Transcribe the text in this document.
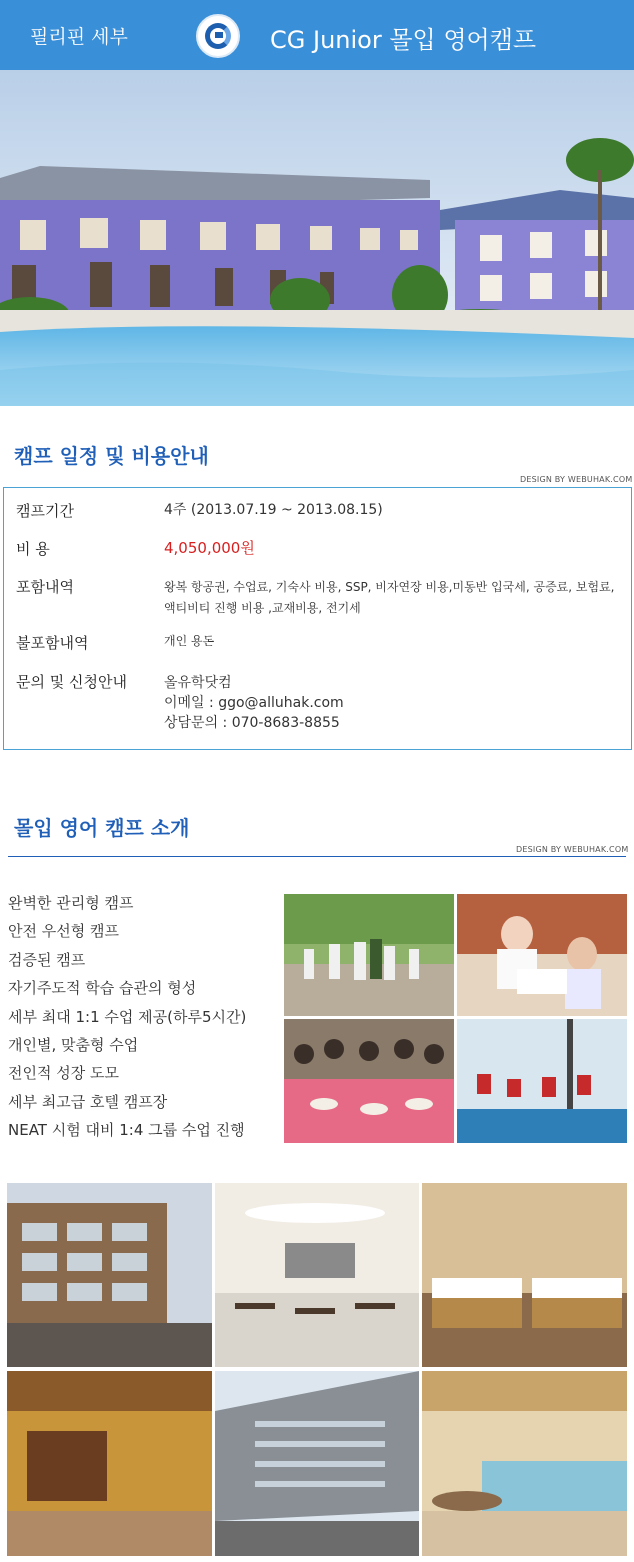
필리핀 세부	CG Junior 몰입 영어캠프
캠프 일정 및 비용안내
DESIGN BY WEBUHAK.COM
캠프기간	4주 (2013.07.19 ~ 2013.08.15)
비 용	4,050,000원
포함내역	왕복 항공권, 수업료, 기숙사 비용, SSP, 비자연장 비용,미동반 입국세, 공증료, 보험료, 액티비티 진행 비용 ,교재비용, 전기세
불포함내역	개인 용돈
문의 및 신청안내	올유학닷컴
이메일 : ggo@alluhak.com
상담문의 : 070-8683-8855
몰입 영어 캠프 소개
DESIGN BY WEBUHAK.COM
완벽한 관리형 캠프
안전 우선형 캠프
검증된 캠프
자기주도적 학습 습관의 형성
세부 최대 1:1 수업 제공(하루5시간)
개인별, 맞춤형 수업
전인적 성장 도모
세부 최고급 호텔 캠프장
NEAT 시험 대비 1:4 그룹 수업 진행
